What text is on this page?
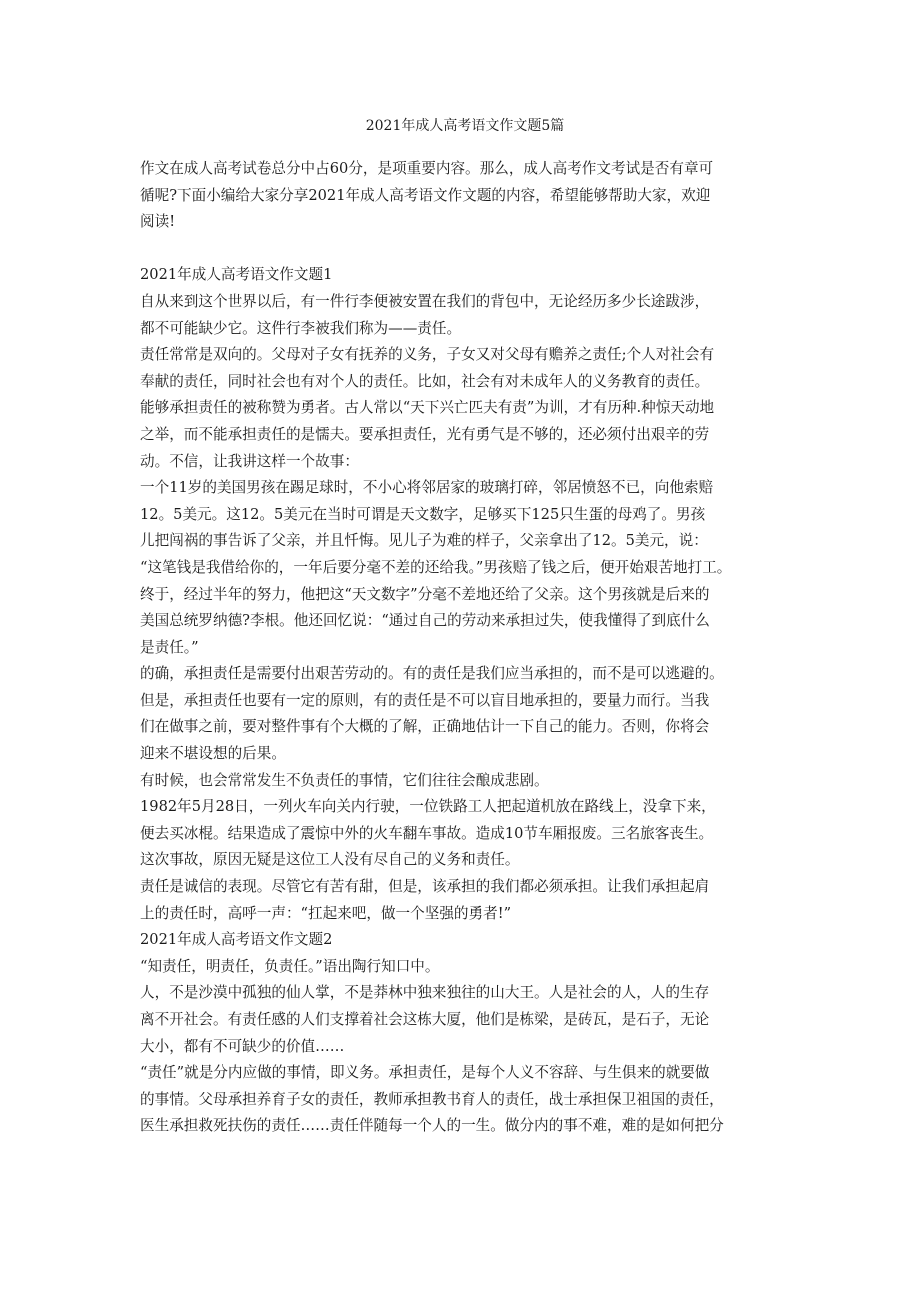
2021年成人高考语文作文题5篇
作文在成人高考试卷总分中占60分，是项重要内容。那么，成人高考作文考试是否有章可
循呢?下面小编给大家分享2021年成人高考语文作文题的内容，希望能够帮助大家，欢迎
阅读!
2021年成人高考语文作文题1
自从来到这个世界以后，有一件行李便被安置在我们的背包中，无论经历多少长途跋涉，
都不可能缺少它。这件行李被我们称为——责任。
责任常常是双向的。父母对子女有抚养的义务，子女又对父母有赡养之责任;个人对社会有
奉献的责任，同时社会也有对个人的责任。比如，社会有对未成年人的义务教育的责任。
能够承担责任的被称赞为勇者。古人常以“天下兴亡匹夫有责”为训，才有历种.种惊天动地
之举，而不能承担责任的是懦夫。要承担责任，光有勇气是不够的，还必须付出艰辛的劳
动。不信，让我讲这样一个故事：
一个11岁的美国男孩在踢足球时，不小心将邻居家的玻璃打碎，邻居愤怒不已，向他索赔
12。5美元。这12。5美元在当时可谓是天文数字，足够买下125只生蛋的母鸡了。男孩
儿把闯祸的事告诉了父亲，并且忏悔。见儿子为难的样子，父亲拿出了12。5美元，说：
“这笔钱是我借给你的，一年后要分毫不差的还给我。”男孩赔了钱之后，便开始艰苦地打工。
终于，经过半年的努力，他把这“天文数字”分毫不差地还给了父亲。这个男孩就是后来的
美国总统罗纳德?李根。他还回忆说：“通过自己的劳动来承担过失，使我懂得了到底什么
是责任。”
的确，承担责任是需要付出艰苦劳动的。有的责任是我们应当承担的，而不是可以逃避的。
但是，承担责任也要有一定的原则，有的责任是不可以盲目地承担的，要量力而行。当我
们在做事之前，要对整件事有个大概的了解，正确地估计一下自己的能力。否则，你将会
迎来不堪设想的后果。
有时候，也会常常发生不负责任的事情，它们往往会酿成悲剧。
1982年5月28日，一列火车向关内行驶，一位铁路工人把起道机放在路线上，没拿下来，
便去买冰棍。结果造成了震惊中外的火车翻车事故。造成10节车厢报废。三名旅客丧生。
这次事故，原因无疑是这位工人没有尽自己的义务和责任。
责任是诚信的表现。尽管它有苦有甜，但是，该承担的我们都必须承担。让我们承担起肩
上的责任时，高呼一声：“扛起来吧，做一个坚强的勇者!”
2021年成人高考语文作文题2
“知责任，明责任，负责任。”语出陶行知口中。
人，不是沙漠中孤独的仙人掌，不是莽林中独来独往的山大王。人是社会的人，人的生存
离不开社会。有责任感的人们支撑着社会这栋大厦，他们是栋梁，是砖瓦，是石子，无论
大小，都有不可缺少的价值……
“责任”就是分内应做的事情，即义务。承担责任，是每个人义不容辞、与生俱来的就要做
的事情。父母承担养育子女的责任，教师承担教书育人的责任，战士承担保卫祖国的责任，
医生承担救死扶伤的责任……责任伴随每一个人的一生。做分内的事不难，难的是如何把分
